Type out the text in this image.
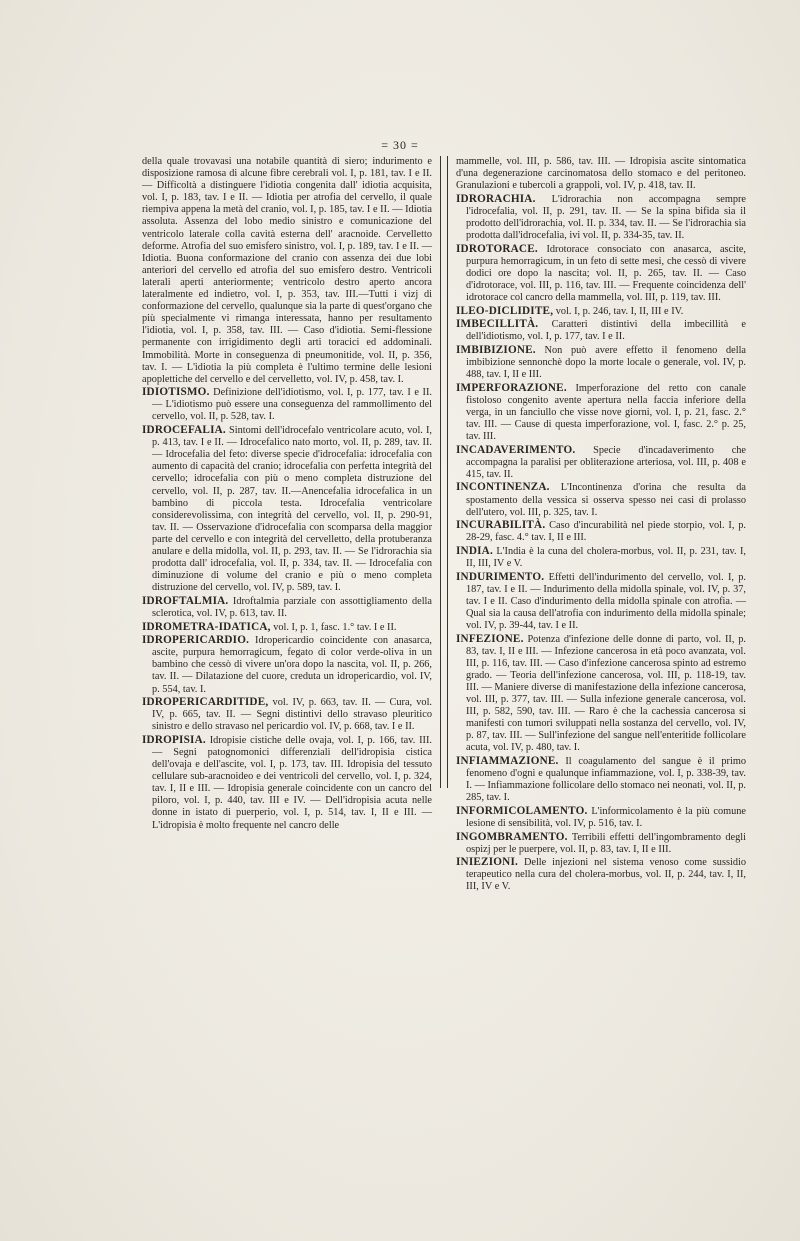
= 30 =

della quale trovavasi una notabile quantità di siero; indurimento e disposizione ramosa di alcune fibre cerebrali vol. I, p. 181, tav. I e II. — Difficoltà a distinguere l'idiotia congenita dall' idiotia acquisita, vol. I, p. 183, tav. I e II. — Idiotia per atrofia del cervello, il quale riempiva appena la metà del cranio, vol. I, p. 185, tav. I e II. — Idiotia assoluta. Assenza del lobo medio sinistro e comunicazione del ventricolo laterale colla cavità esterna dell' aracnoide. Cervelletto deforme. Atrofia del suo emisfero sinistro, vol. I, p. 189, tav. I e II. — Idiotia. Buona conformazione del cranio con assenza dei due lobi anteriori del cervello ed atrofia del suo emisfero destro. Ventricoli laterali aperti anteriormente; ventricolo destro aperto ancora lateralmente ed indietro, vol. I, p. 353, tav. III.—Tutti i vizj di conformazione del cervello, qualunque sia la parte di quest'organo che più specialmente vi rimanga interessata, hanno per resultamento l'idiotia, vol. I, p. 358, tav. III. — Caso d'idiotia. Semi-flessione permanente con irrigidimento degli arti toracici ed addominali. Immobilità. Morte in conseguenza di pneumonitide, vol. II, p. 356, tav. I. — L'idiotia la più completa è l'ultimo termine delle lesioni apoplettiche del cervello e del cervelletto, vol. IV, p. 458, tav. I.

IDIOTISMO. Definizione dell'idiotismo, vol. I, p. 177, tav. I e II. — L'idiotismo può essere una conseguenza del rammollimento del cervello, vol. II, p. 528, tav. I.

IDROCEFALIA. Sintomi dell'idrocefalo ventricolare acuto, vol. I, p. 413, tav. I e II. — Idrocefalico nato morto, vol. II, p. 289, tav. II. — Idrocefalia del feto: diverse specie d'idrocefalia: idrocefalia con aumento di capacità del cranio; idrocefalia con perfetta integrità del cervello; idrocefalia con più o meno completa distruzione del cervello, vol. II, p. 287, tav. II.—Anencefalia idrocefalica in un bambino di piccola testa. Idrocefalia ventricolare considerevolissima, con integrità del cervello, vol. II, p. 290-91, tav. II. — Osservazione d'idrocefalia con scomparsa della maggior parte del cervello e con integrità del cervelletto, della protuberanza anulare e della midolla, vol. II, p. 293, tav. II. — Se l'idrorachia sia prodotta dall' idrocefalia, vol. II, p. 334, tav. II. — Idrocefalia con diminuzione di volume del cranio e più o meno completa distruzione del cervello, vol. IV, p. 589, tav. I.

IDROFTALMIA. Idroftalmia parziale con assottigliamento della sclerotica, vol. IV, p. 613, tav. II.

IDROMETRA-IDATICA, vol. I, p. 1, fasc. 1.° tav. I e II.

IDROPERICARDIO. Idropericardio coincidente con anasarca, ascite, purpura hemorragicum, fegato di color verde-oliva in un bambino che cessò di vivere un'ora dopo la nascita, vol. II, p. 266, tav. II. — Dilatazione del cuore, creduta un idropericardio, vol. IV, p. 554, tav. I.

IDROPERICARDITIDE, vol. IV, p. 663, tav. II. — Cura, vol. IV, p. 665, tav. II. — Segni distintivi dello stravaso pleuritico sinistro e dello stravaso nel pericardio vol. IV, p. 668, tav. I e II.

IDROPISIA. Idropisie cistiche delle ovaja, vol. I, p. 166, tav. III. — Segni patognomonici differenziali dell'idropisia cistica dell'ovaja e dell'ascite, vol. I, p. 173, tav. III. Idropisia del tessuto cellulare sub-aracnoideo e dei ventricoli del cervello, vol. I, p. 324, tav. I, II e III. — Idropisia generale coincidente con un cancro del piloro, vol. I, p. 440, tav. III e IV. — Dell'idropisia acuta nelle donne in istato di puerperio, vol. I, p. 514, tav. I, II e III. — L'idropisia è molto frequente nel cancro delle

mammelle, vol. III, p. 586, tav. III. — Idropisia ascite sintomatica d'una degenerazione carcinomatosa dello stomaco e del peritoneo. Granulazioni e tubercoli a grappoli, vol. IV, p. 418, tav. II.

IDRORACHIA. L'idrorachia non accompagna sempre l'idrocefalia, vol. II, p. 291, tav. II. — Se la spina bifida sia il prodotto dell'idrorachia, vol. II. p. 334, tav. II. — Se l'idrorachia sia prodotta dall'idrocefalia, ivi vol. II, p. 334-35, tav. II.

IDROTORACE. Idrotorace consociato con anasarca, ascite, purpura hemorragicum, in un feto di sette mesi, che cessò di vivere dodici ore dopo la nascita; vol. II, p. 265, tav. II. — Caso d'idrotorace, vol. III, p. 116, tav. III. — Frequente coincidenza dell' idrotorace col cancro della mammella, vol. III, p. 119, tav. III.

ILEO-DICLIDITE, vol. I, p. 246, tav. I, II, III e IV.

IMBECILLITÀ. Caratteri distintivi della imbecillità e dell'idiotismo, vol. I, p. 177, tav. I e II.

IMBIBIZIONE. Non può avere effetto il fenomeno della imbibizione sennonchè dopo la morte locale o generale, vol. IV, p. 488, tav. I, II e III.

IMPERFORAZIONE. Imperforazione del retto con canale fistoloso congenito avente apertura nella faccia inferiore della verga, in un fanciullo che visse nove giorni, vol. I, p. 21, fasc. 2.° tav. III. — Cause di questa imperforazione, vol. I, fasc. 2.° p. 25, tav. III.

INCADAVERIMENTO. Specie d'incadaverimento che accompagna la paralisi per obliterazione arteriosa, vol. III, p. 408 e 415, tav. II.

INCONTINENZA. L'Incontinenza d'orina che resulta da spostamento della vessica si osserva spesso nei casi di prolasso dell'utero, vol. III, p. 325, tav. I.

INCURABILITÀ. Caso d'incurabilità nel piede storpio, vol. I, p. 28-29, fasc. 4.° tav. I, II e III.

INDIA. L'India è la cuna del cholera-morbus, vol. II, p. 231, tav. I, II, III, IV e V.

INDURIMENTO. Effetti dell'indurimento del cervello, vol. I, p. 187, tav. I e II. — Indurimento della midolla spinale, vol. IV, p. 37, tav. I e II. Caso d'indurimento della midolla spinale con atrofia. — Qual sia la causa dell'atrofia con indurimento della midolla spinale; vol. IV, p. 39-44, tav. I e II.

INFEZIONE. Potenza d'infezione delle donne di parto, vol. II, p. 83, tav. I, II e III. — Infezione cancerosa in età poco avanzata, vol. III, p. 116, tav. III. — Caso d'infezione cancerosa spinto ad estremo grado. — Teoria dell'infezione cancerosa, vol. III, p. 118-19, tav. III. — Maniere diverse di manifestazione della infezione cancerosa, vol. III, p. 377, tav. III. — Sulla infezione generale cancerosa, vol. III, p. 582, 590, tav. III. — Raro è che la cachessia cancerosa si manifesti con tumori sviluppati nella sostanza del cervello, vol. IV, p. 87, tav. III. — Sull'infezione del sangue nell'enteritide follicolare acuta, vol. IV, p. 480, tav. I.

INFIAMMAZIONE. Il coagulamento del sangue è il primo fenomeno d'ogni e qualunque infiammazione, vol. I, p. 338-39, tav. I. — Infiammazione follicolare dello stomaco nei neonati, vol. II, p. 285, tav. I.

INFORMICOLAMENTO. L'informicolamento è la più comune lesione di sensibilità, vol. IV, p. 516, tav. I.

INGOMBRAMENTO. Terribili effetti dell'ingombramento degli ospizj per le puerpere, vol. II, p. 83, tav. I, II e III.

INIEZIONI. Delle injezioni nel sistema venoso come sussidio terapeutico nella cura del cholera-morbus, vol. II, p. 244, tav. I, II, III, IV e V.
